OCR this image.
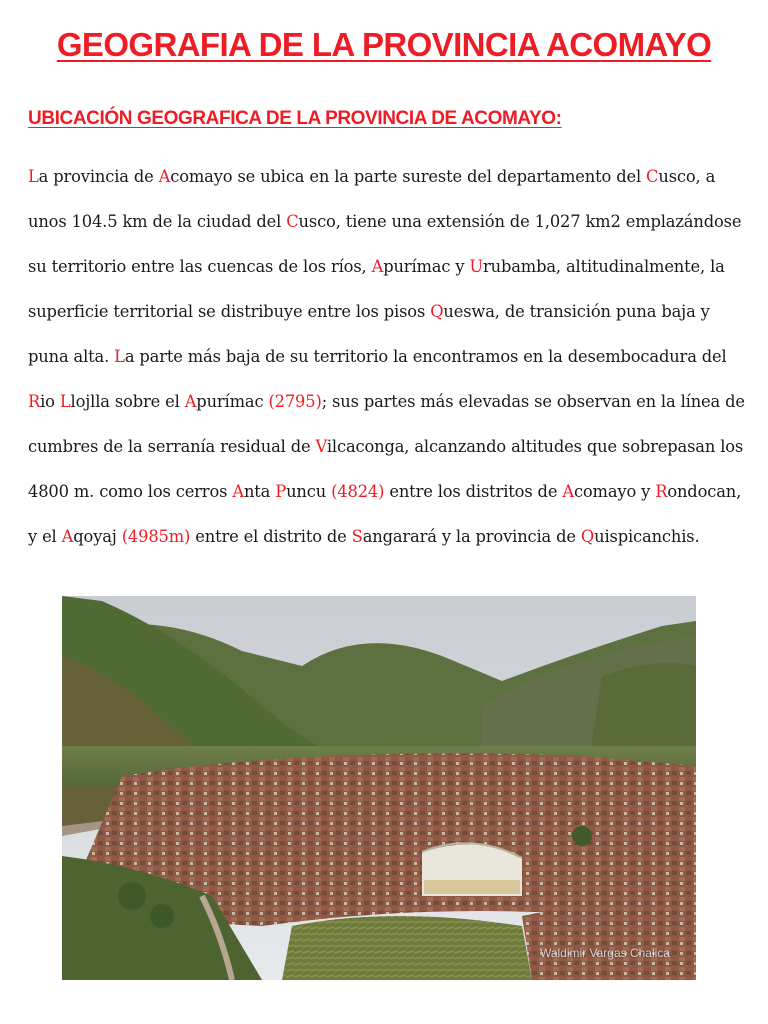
GEOGRAFIA DE LA PROVINCIA ACOMAYO
UBICACIÓN GEOGRAFICA DE LA PROVINCIA DE ACOMAYO:

La provincia de Acomayo se ubica en la parte sureste del departamento del Cusco, a unos 104.5 km de la ciudad del Cusco, tiene una extensión de 1,027 km2 emplazándose su territorio entre las cuencas de los ríos, Apurímac y Urubamba, altitudinalmente, la superficie territorial se distribuye entre los pisos Queswa, de transición puna baja y puna alta. La parte más baja de su territorio la encontramos en la desembocadura del Rio Llojlla sobre el Apurímac (2795); sus partes más elevadas se observan en la línea de cumbres de la serranía residual de Vilcaconga, alcanzando altitudes que sobrepasan los 4800 m. como los cerros Anta Puncu (4824) entre los distritos de Acomayo y Rondocan, y el Aqoyaj (4985m) entre el distrito de Sangarará y la provincia de Quispicanchis.

Waldimir Vargas Chalica
